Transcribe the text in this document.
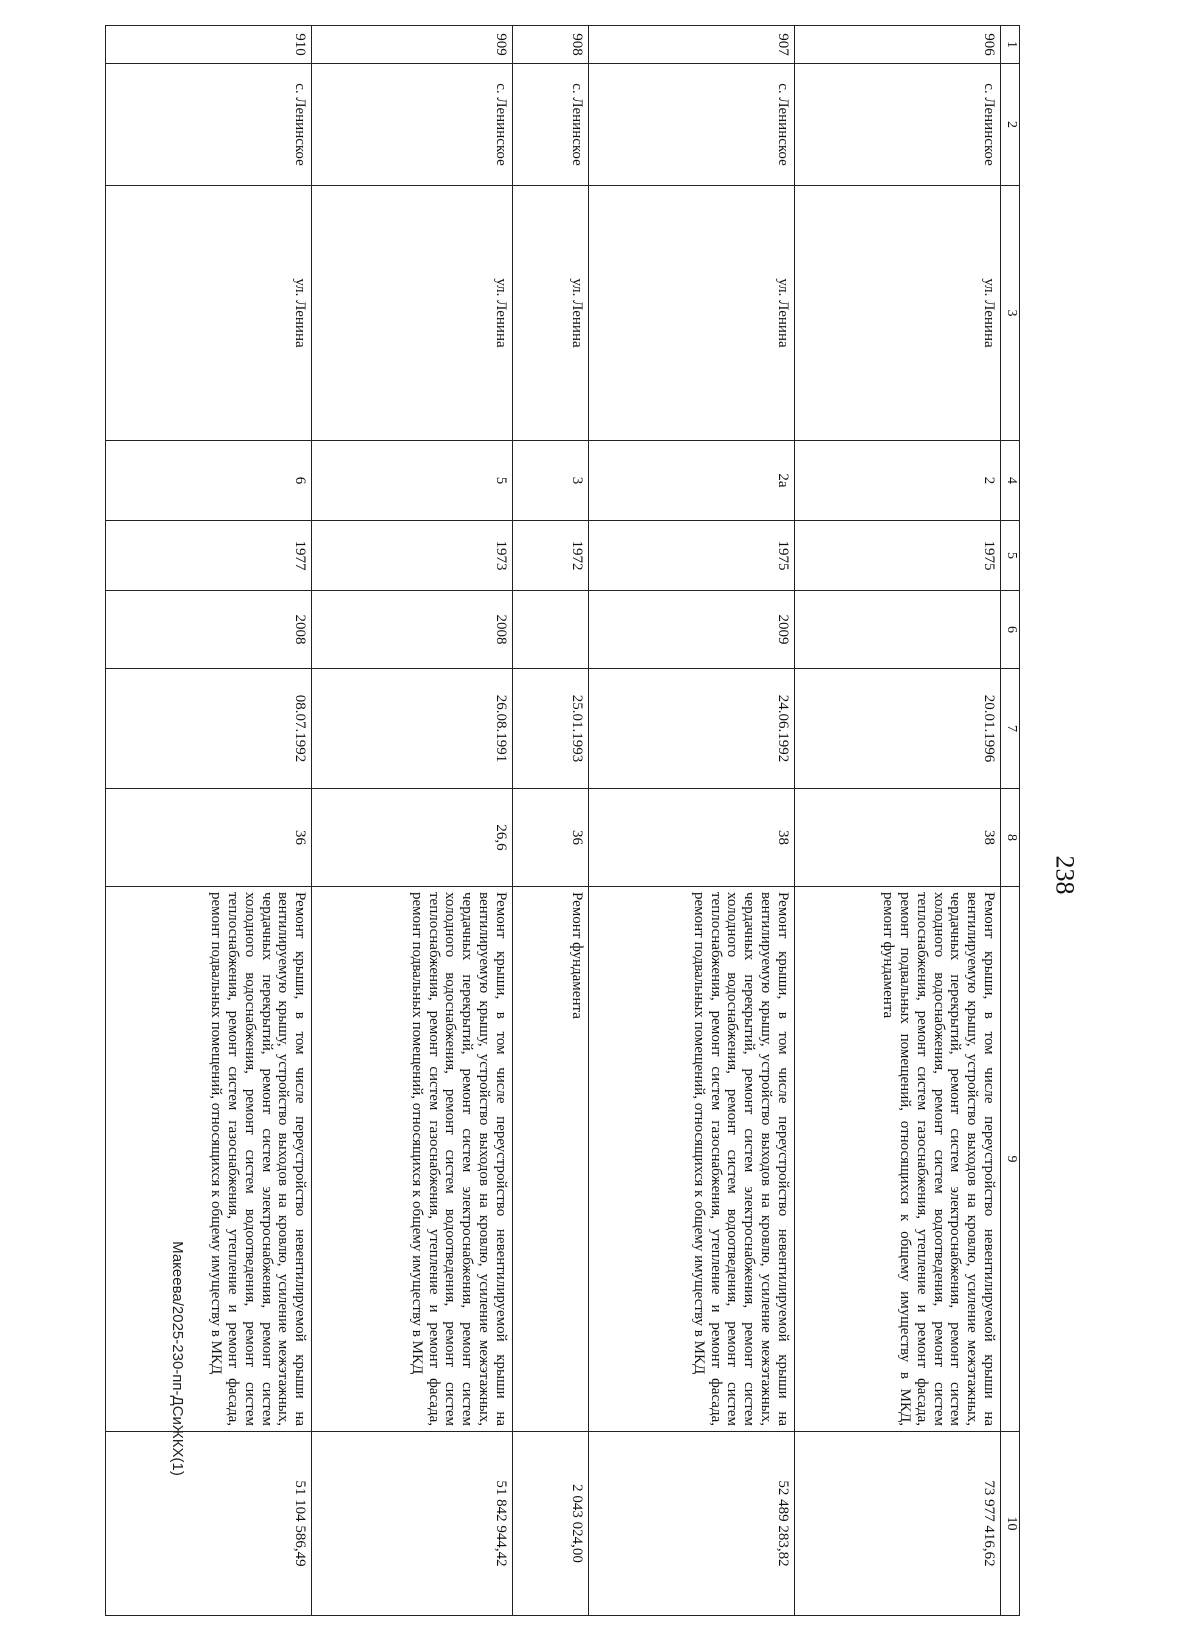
238
Макеева/2025-230-пп-ДСиЖКХ(1)
1	2	3	4	5	6	7	8	9	10
906	с. Ленинское	ул. Ленина	2	1975		20.01.1996	38	Ремонт крыши, в том числе переустройство невентилируемой крыши на вентилируемую крышу, устройство выходов на кровлю, усиление межэтажных, чердачных перекрытий, ремонт систем электроснабжения, ремонт систем холодного водоснабжения, ремонт систем водоотведения, ремонт систем теплоснабжения, ремонт систем газоснабжения, утепление и ремонт фасада, ремонт подвальных помещений, относящихся к общему имуществу в МКД, ремонт фундамента	73 977 416,62
907	с. Ленинское	ул. Ленина	2а	1975	2009	24.06.1992	38	Ремонт крыши, в том числе переустройство невентилируемой крыши на вентилируемую крышу, устройство выходов на кровлю, усиление межэтажных, чердачных перекрытий, ремонт систем электроснабжения, ремонт систем холодного водоснабжения, ремонт систем водоотведения, ремонт систем теплоснабжения, ремонт систем газоснабжения, утепление и ремонт фасада, ремонт подвальных помещений, относящихся к общему имуществу в МКД	52 489 283,82
908	с. Ленинское	ул. Ленина	3	1972		25.01.1993	36	Ремонт фундамента	2 043 024,00
909	с. Ленинское	ул. Ленина	5	1973	2008	26.08.1991	26,6	Ремонт крыши, в том числе переустройство невентилируемой крыши на вентилируемую крышу, устройство выходов на кровлю, усиление межэтажных, чердачных перекрытий, ремонт систем электроснабжения, ремонт систем холодного водоснабжения, ремонт систем водоотведения, ремонт систем теплоснабжения, ремонт систем газоснабжения, утепление и ремонт фасада, ремонт подвальных помещений, относящихся к общему имуществу в МКД	51 842 944,42
910	с. Ленинское	ул. Ленина	6	1977	2008	08.07.1992	36	Ремонт крыши, в том числе переустройство невентилируемой крыши на вентилируемую крышу, устройство выходов на кровлю, усиление межэтажных, чердачных перекрытий, ремонт систем электроснабжения, ремонт систем холодного водоснабжения, ремонт систем водоотведения, ремонт систем теплоснабжения, ремонт систем газоснабжения, утепление и ремонт фасада, ремонт подвальных помещений, относящихся к общему имуществу в МКД	51 104 586,49
